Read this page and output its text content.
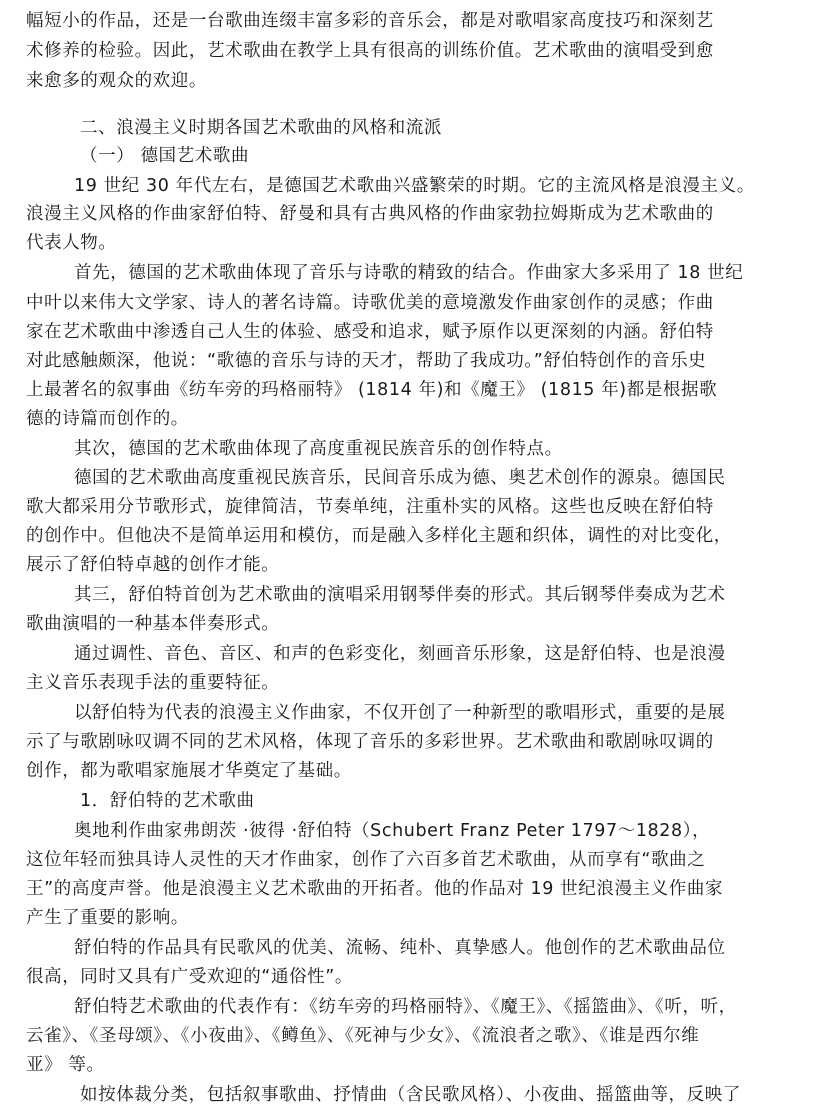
幅短小的作品，还是一台歌曲连缀丰富多彩的音乐会，都是对歌唱家高度技巧和深刻艺
术修养的检验。因此，艺术歌曲在教学上具有很高的训练价值。艺术歌曲的演唱受到愈
来愈多的观众的欢迎。
二、浪漫主义时期各国艺术歌曲的风格和流派
（一） 德国艺术歌曲
19 世纪 30 年代左右，是德国艺术歌曲兴盛繁荣的时期。它的主流风格是浪漫主义。
浪漫主义风格的作曲家舒伯特、舒曼和具有古典风格的作曲家勃拉姆斯成为艺术歌曲的
代表人物。
首先，德国的艺术歌曲体现了音乐与诗歌的精致的结合。作曲家大多采用了 18 世纪
中叶以来伟大文学家、诗人的著名诗篇。诗歌优美的意境激发作曲家创作的灵感；作曲
家在艺术歌曲中渗透自己人生的体验、感受和追求，赋予原作以更深刻的内涵。舒伯特
对此感触颇深，他说：“歌德的音乐与诗的天才，帮助了我成功。”舒伯特创作的音乐史
上最著名的叙事曲《纺车旁的玛格丽特》 (1814 年)和《魔王》 (1815 年)都是根据歌
德的诗篇而创作的。
其次，德国的艺术歌曲体现了高度重视民族音乐的创作特点。
德国的艺术歌曲高度重视民族音乐，民间音乐成为德、奥艺术创作的源泉。德国民
歌大都采用分节歌形式，旋律简洁，节奏单纯，注重朴实的风格。这些也反映在舒伯特
的创作中。但他决不是简单运用和模仿，而是融入多样化主题和织体，调性的对比变化，
展示了舒伯特卓越的创作才能。
其三，舒伯特首创为艺术歌曲的演唱采用钢琴伴奏的形式。其后钢琴伴奏成为艺术
歌曲演唱的一种基本伴奏形式。
通过调性、音色、音区、和声的色彩变化，刻画音乐形象，这是舒伯特、也是浪漫
主义音乐表现手法的重要特征。
以舒伯特为代表的浪漫主义作曲家，不仅开创了一种新型的歌唱形式，重要的是展
示了与歌剧咏叹调不同的艺术风格，体现了音乐的多彩世界。艺术歌曲和歌剧咏叹调的
创作，都为歌唱家施展才华奠定了基础。
1．舒伯特的艺术歌曲
奥地利作曲家弗朗茨 ·彼得 ·舒伯特（Schubert Franz Peter 1797～1828），
这位年轻而独具诗人灵性的天才作曲家，创作了六百多首艺术歌曲，从而享有“歌曲之
王”的高度声誉。他是浪漫主义艺术歌曲的开拓者。他的作品对 19 世纪浪漫主义作曲家
产生了重要的影响。
舒伯特的作品具有民歌风的优美、流畅、纯朴、真挚感人。他创作的艺术歌曲品位
很高，同时又具有广受欢迎的“通俗性”。
舒伯特艺术歌曲的代表作有：《纺车旁的玛格丽特》、《魔王》、《摇篮曲》、《听，听，
云雀》、《圣母颂》、《小夜曲》、《鳟鱼》、《死神与少女》、《流浪者之歌》、《谁是西尔维
亚》 等。
如按体裁分类，包括叙事歌曲、抒情曲（含民歌风格）、小夜曲、摇篮曲等，反映了
